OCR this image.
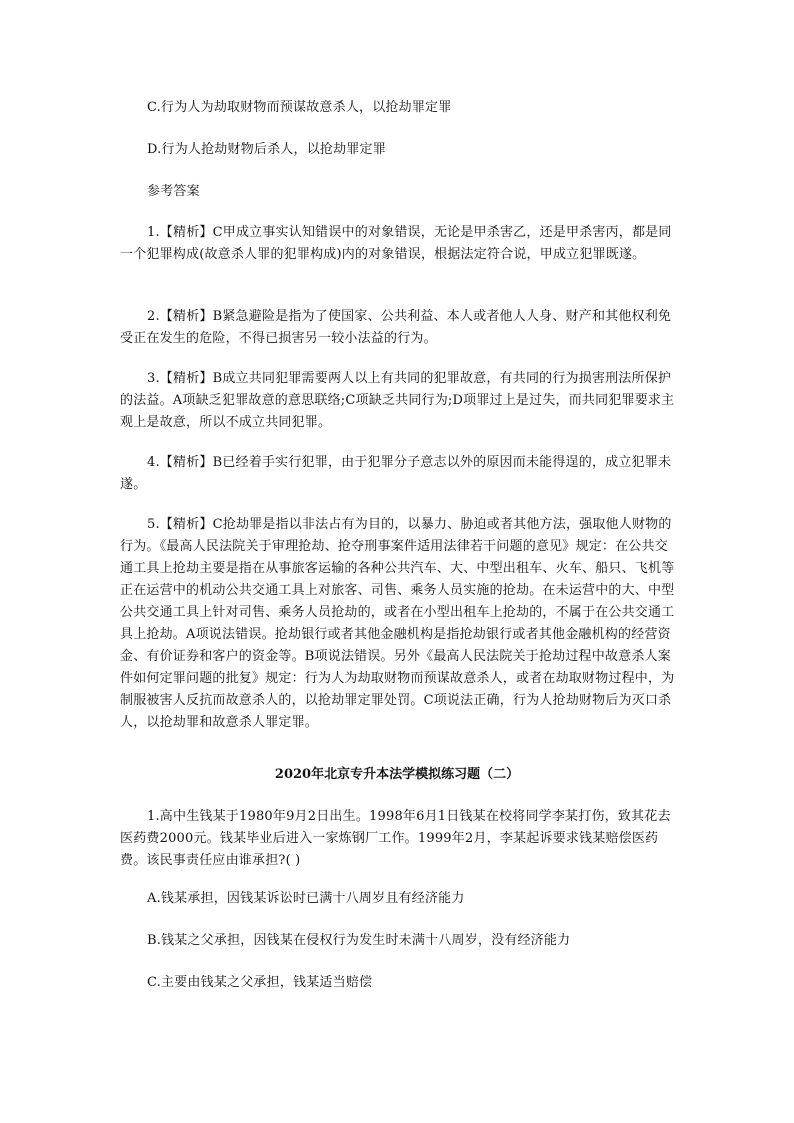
C.行为人为劫取财物而预谋故意杀人，以抢劫罪定罪

D.行为人抢劫财物后杀人，以抢劫罪定罪

参考答案

1.【精析】C甲成立事实认知错误中的对象错误，无论是甲杀害乙，还是甲杀害丙，都是同一个犯罪构成(故意杀人罪的犯罪构成)内的对象错误，根据法定符合说，甲成立犯罪既遂。

2.【精析】B紧急避险是指为了使国家、公共利益、本人或者他人人身、财产和其他权利免受正在发生的危险，不得已损害另一较小法益的行为。

3.【精析】B成立共同犯罪需要两人以上有共同的犯罪故意，有共同的行为损害刑法所保护的法益。A项缺乏犯罪故意的意思联络;C项缺乏共同行为;D项罪过上是过失，而共同犯罪要求主观上是故意，所以不成立共同犯罪。

4.【精析】B已经着手实行犯罪，由于犯罪分子意志以外的原因而未能得逞的，成立犯罪未遂。

5.【精析】C抢劫罪是指以非法占有为目的，以暴力、胁迫或者其他方法，强取他人财物的行为。《最高人民法院关于审理抢劫、抢夺刑事案件适用法律若干问题的意见》规定：在公共交通工具上抢劫主要是指在从事旅客运输的各种公共汽车、大、中型出租车、火车、船只、飞机等正在运营中的机动公共交通工具上对旅客、司售、乘务人员实施的抢劫。在未运营中的大、中型公共交通工具上针对司售、乘务人员抢劫的，或者在小型出租车上抢劫的，不属于在公共交通工具上抢劫。A项说法错误。抢劫银行或者其他金融机构是指抢劫银行或者其他金融机构的经营资金、有价证券和客户的资金等。B项说法错误。另外《最高人民法院关于抢劫过程中故意杀人案件如何定罪问题的批复》规定：行为人为劫取财物而预谋故意杀人，或者在劫取财物过程中，为制服被害人反抗而故意杀人的，以抢劫罪定罪处罚。C项说法正确，行为人抢劫财物后为灭口杀人，以抢劫罪和故意杀人罪定罪。

2020年北京专升本法学模拟练习题（二）

1.高中生钱某于1980年9月2日出生。1998年6月1日钱某在校将同学李某打伤，致其花去医药费2000元。钱某毕业后进入一家炼钢厂工作。1999年2月，李某起诉要求钱某赔偿医药费。该民事责任应由谁承担?( )

A.钱某承担，因钱某诉讼时已满十八周岁且有经济能力

B.钱某之父承担，因钱某在侵权行为发生时未满十八周岁，没有经济能力

C.主要由钱某之父承担，钱某适当赔偿
